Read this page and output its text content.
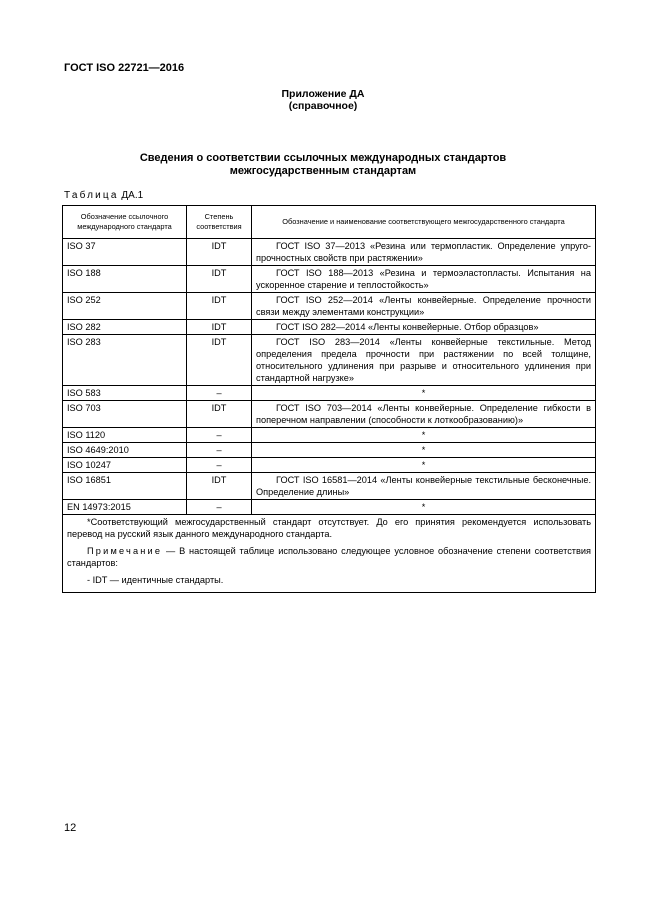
ГОСТ ISO 22721—2016
Приложение ДА
(справочное)
Сведения о соответствии ссылочных международных стандартов
межгосударственным стандартам
Таблица ДА.1
Обозначение ссылочного международного стандарта	Степень соответствия	Обозначение и наименование соответствующего межгосударственного стандарта
ISO 37	IDT	ГОСТ ISO 37—2013 «Резина или термопластик. Определение упруго-прочностных свойств при растяжении»
ISO 188	IDT	ГОСТ ISO 188—2013 «Резина и термоэластопласты. Испытания на ускоренное старение и теплостойкость»
ISO 252	IDT	ГОСТ ISO 252—2014 «Ленты конвейерные. Определение прочности связи между элементами конструкции»
ISO 282	IDT	ГОСТ ISO 282—2014 «Ленты конвейерные. Отбор образцов»
ISO 283	IDT	ГОСТ ISO 283—2014 «Ленты конвейерные текстильные. Метод определения предела прочности при растяжении по всей толщине, относительного удлинения при разрыве и относительного удлинения при стандартной нагрузке»
ISO 583	–	*
ISO 703	IDT	ГОСТ ISO 703—2014 «Ленты конвейерные. Определение гибкости в поперечном направлении (способности к лоткообразованию)»
ISO 1120	–	*
ISO 4649:2010	–	*
ISO 10247	–	*
ISO 16851	IDT	ГОСТ ISO 16581—2014 «Ленты конвейерные текстильные бесконечные. Определение длины»
EN 14973:2015	–	*

*Соответствующий межгосударственный стандарт отсутствует. До его принятия рекомендуется использовать перевод на русский язык данного международного стандарта.

Примечание — В настоящей таблице использовано следующее условное обозначение степени соответствия стандартов:

- IDT — идентичные стандарты.		

12
